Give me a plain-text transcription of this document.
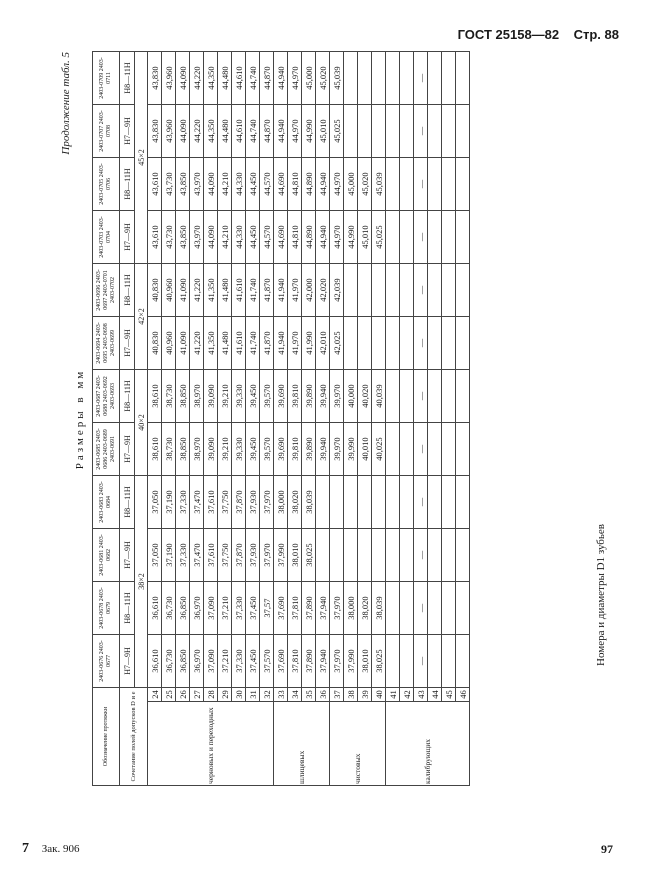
ГОСТ 25158—82 Стр. 88
Продолжение табл. 5
Размеры в мм
Обозначение протяжки		2403-0676 2403-0677	2403-0678 2403-0679	2403-0681 2403-0682	2403-0683 2403-0684	2403-0685 2403-0686 2403-0689 2403-0691	2403-0687 2403-0688 2403-0692 2403-0693	2403-0694 2403-0695 2403-0698 2403-0699	2403-0696 2403-0697 2403-0701 2403-0702	2403-0703 2403-0704	2403-0705 2403-0706	2403-0707 2403-0708	2403-0709 2403-0711
Сочетание полей допусков D и e		H7—9H	H8—11H	H7—9H	H8—11H	H7—9H	H8—11H	H7—9H	H8—11H	H7—9H	H8—11H	H7—9H	H8—11H
		38×2				40×2		42×2		45×2			
черновых и переходных	24	36,610	36,610	37,050	37,050	38,610	38,610	40,830	40,830	43,610	43,610	43,830	43,830
	25	36,730	36,730	37,190	37,190	38,730	38,730	40,960	40,960	43,730	43,730	43,960	43,960
	26	36,850	36,850	37,330	37,330	38,850	38,850	41,090	41,090	43,850	43,850	44,090	44,090
	27	36,970	36,970	37,470	37,470	38,970	38,970	41,220	41,220	43,970	43,970	44,220	44,220
	28	37,090	37,090	37,610	37,610	39,090	39,090	41,350	41,350	44,090	44,090	44,350	44,350
	29	37,210	37,210	37,750	37,750	39,210	39,210	41,480	41,480	44,210	44,210	44,480	44,480
	30	37,330	37,330	37,870	37,870	39,330	39,330	41,610	41,610	44,330	44,330	44,610	44,610
	31	37,450	37,450	37,930	37,930	39,450	39,450	41,740	41,740	44,450	44,450	44,740	44,740
	32	37,570	37,57	37,970	37,970	39,570	39,570	41,870	41,870	44,570	44,570	44,870	44,870
шлицевых	33	37,690	37,690	37,990	38,000	39,690	39,690	41,940	41,940	44,690	44,690	44,940	44,940
	34	37,810	37,810	38,010	38,020	39,810	39,810	41,970	41,970	44,810	44,810	44,970	44,970
	35	37,890	37,890	38,025	38,039	39,890	39,890	41,990	42,000	44,890	44,890	44,990	45,000
	36	37,940	37,940			39,940	39,940	42,010	42,020	44,940	44,940	45,010	45,020
чистовых	37	37,970	37,970			39,970	39,970	42,025	42,039	44,970	44,970	45,025	45,039
	38	37,990	38,000			39,990	40,000			44,990	45,000		
	39	38,010	38,020			40,010	40,020			45,010	45,020		
	40	38,025	38,039			40,025	40,039			45,025	45,039		
калибрующих	41												
	42												
	43	—	—	—	—	—	—	—	—	—	—	—	—
	44												
	45												
	46												
Номера и диаметры D1 зубьев
7 Зак. 906	97
